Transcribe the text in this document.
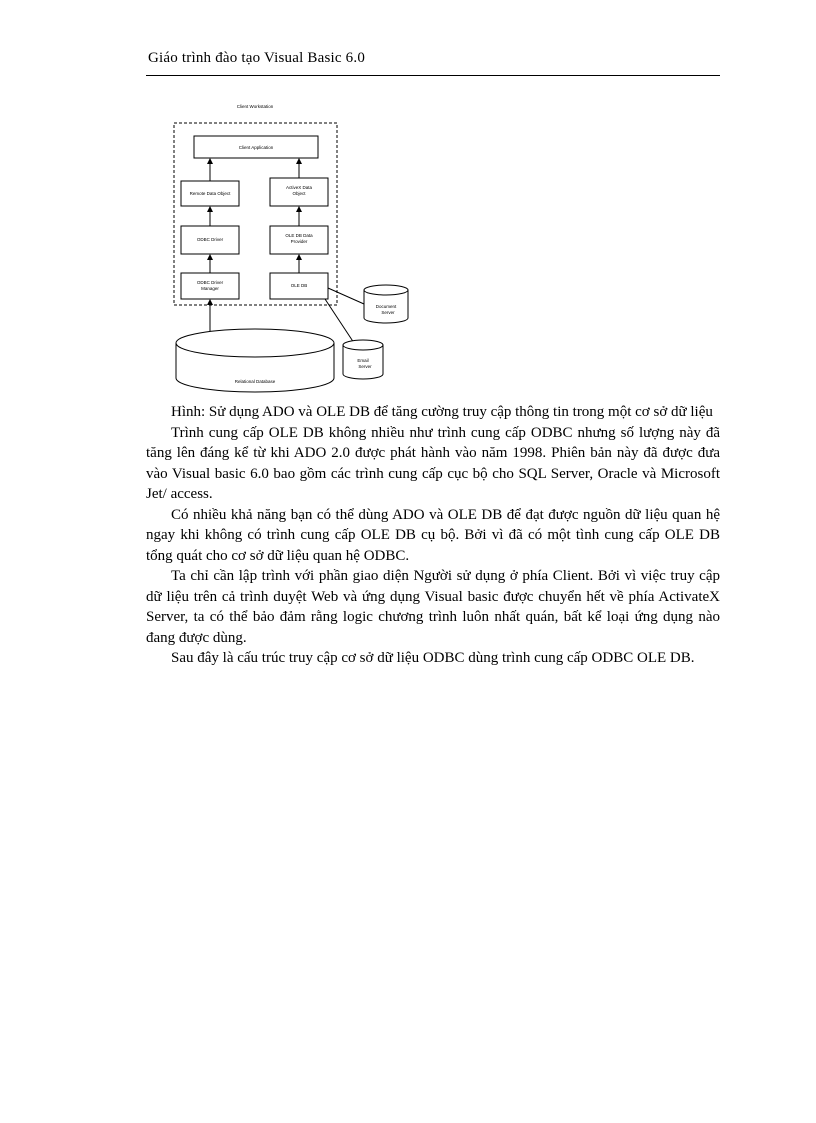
Giáo trình đào tạo Visual Basic 6.0
Client Workstation
Client Application
Remote Data Object
ActiveX Data
Object
ODBC Driver
OLE DB Data
Provider
ODBC Driver
Manager
OLE DB
Document
Server
Email
Server
Relational Database

Hình: Sử dụng ADO và OLE DB để tăng cường truy cập thông tin trong một cơ sở dữ liệu

Trình cung cấp OLE DB không nhiều như trình cung cấp ODBC nhưng số lượng này đã tăng lên đáng kể từ khi ADO 2.0 được phát hành vào năm 1998. Phiên bản này đã được đưa vào Visual basic 6.0 bao gồm các trình cung cấp cục bộ cho SQL Server, Oracle và Microsoft Jet/ access.

Có nhiều khả năng bạn có thể dùng ADO và OLE DB để đạt được nguồn dữ liệu quan hệ ngay khi không có trình cung cấp OLE DB cụ bộ. Bởi vì đã có một tình cung cấp OLE DB tổng quát cho cơ sở dữ liệu quan hệ ODBC.

Ta chỉ cần lập trình với phần giao diện Người sử dụng ở phía Client. Bởi vì việc truy cập dữ liệu trên cả trình duyệt Web và ứng dụng Visual basic được chuyển hết về phía ActivateX Server, ta có thể bảo đảm rằng logic chương trình luôn nhất quán, bất kể loại ứng dụng nào đang được dùng.

Sau đây là cấu trúc truy cập cơ sở dữ liệu ODBC dùng trình cung cấp ODBC OLE DB.
